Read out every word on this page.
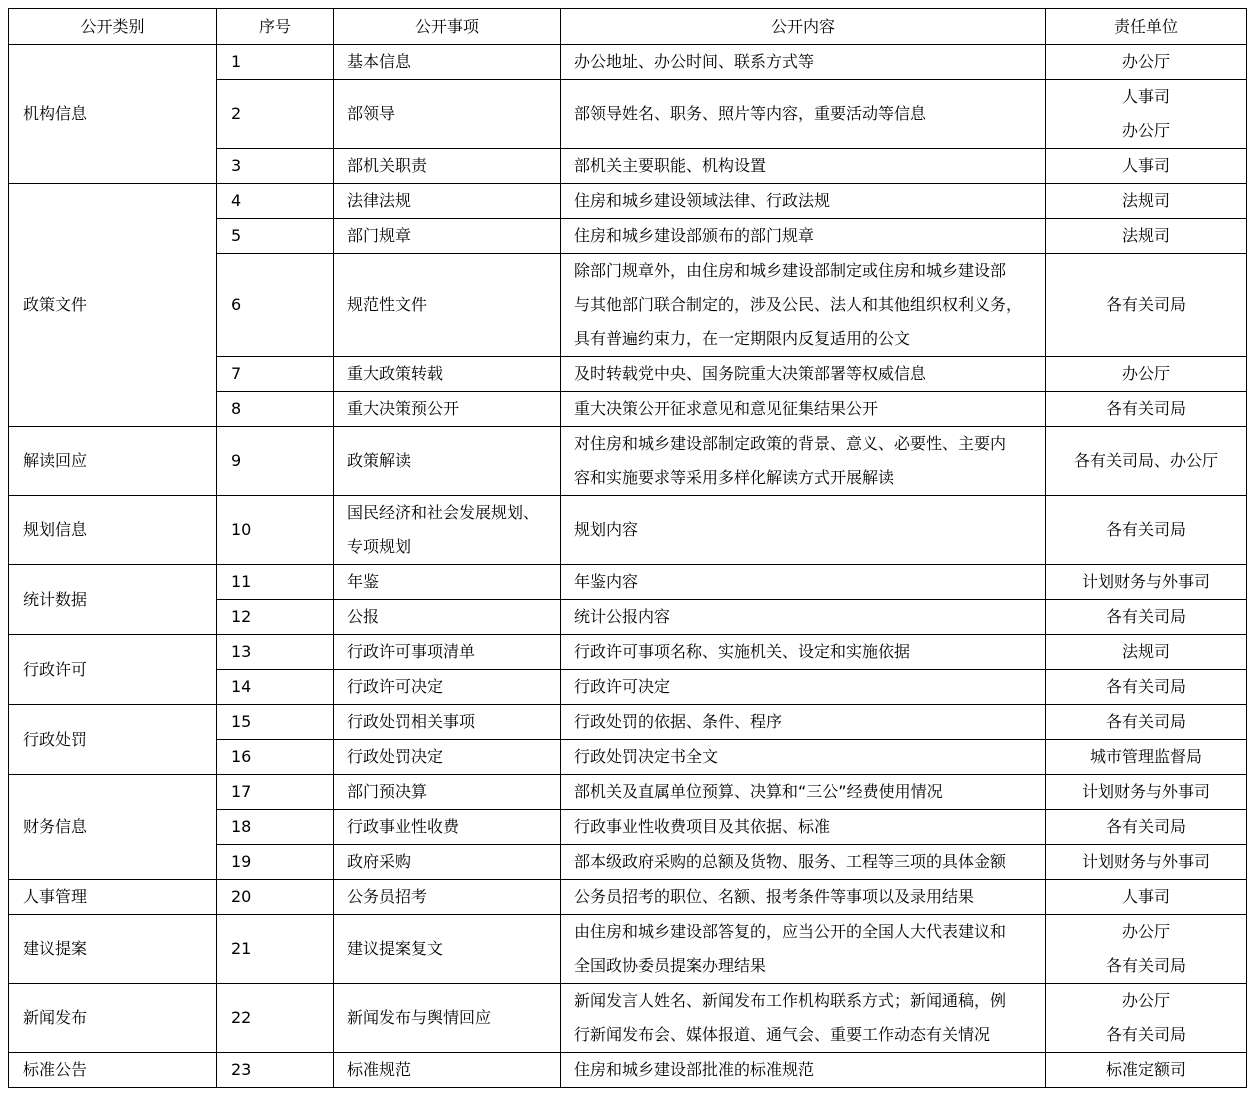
公开类别	序号	公开事项	公开内容	责任单位

机构信息	1	基本信息	办公地址、办公时间、联系方式等	办公厅

	2	部领导	部领导姓名、职务、照片等内容，重要活动等信息	人事司
办公厅

	3	部机关职责	部机关主要职能、机构设置	人事司

政策文件	4	法律法规	住房和城乡建设领域法律、行政法规	法规司

	5	部门规章	住房和城乡建设部颁布的部门规章	法规司

	6	规范性文件	除部门规章外，由住房和城乡建设部制定或住房和城乡建设部
与其他部门联合制定的，涉及公民、法人和其他组织权利义务，
具有普遍约束力，在一定期限内反复适用的公文	各有关司局

	7	重大政策转载	及时转载党中央、国务院重大决策部署等权威信息	办公厅

	8	重大决策预公开	重大决策公开征求意见和意见征集结果公开	各有关司局

解读回应	9	政策解读	对住房和城乡建设部制定政策的背景、意义、必要性、主要内
容和实施要求等采用多样化解读方式开展解读	各有关司局、办公厅

规划信息	10	国民经济和社会发展规划、
专项规划	规划内容	各有关司局

统计数据	11	年鉴	年鉴内容	计划财务与外事司

	12	公报	统计公报内容	各有关司局

行政许可	13	行政许可事项清单	行政许可事项名称、实施机关、设定和实施依据	法规司

	14	行政许可决定	行政许可决定	各有关司局

行政处罚	15	行政处罚相关事项	行政处罚的依据、条件、程序	各有关司局

	16	行政处罚决定	行政处罚决定书全文	城市管理监督局

财务信息	17	部门预决算	部机关及直属单位预算、决算和“三公”经费使用情况	计划财务与外事司

	18	行政事业性收费	行政事业性收费项目及其依据、标准	各有关司局

	19	政府采购	部本级政府采购的总额及货物、服务、工程等三项的具体金额	计划财务与外事司

人事管理	20	公务员招考	公务员招考的职位、名额、报考条件等事项以及录用结果	人事司

建议提案	21	建议提案复文	由住房和城乡建设部答复的，应当公开的全国人大代表建议和
全国政协委员提案办理结果	办公厅
各有关司局

新闻发布	22	新闻发布与舆情回应	新闻发言人姓名、新闻发布工作机构联系方式；新闻通稿，例
行新闻发布会、媒体报道、通气会、重要工作动态有关情况	办公厅
各有关司局

标准公告	23	标准规范	住房和城乡建设部批准的标准规范	标准定额司
